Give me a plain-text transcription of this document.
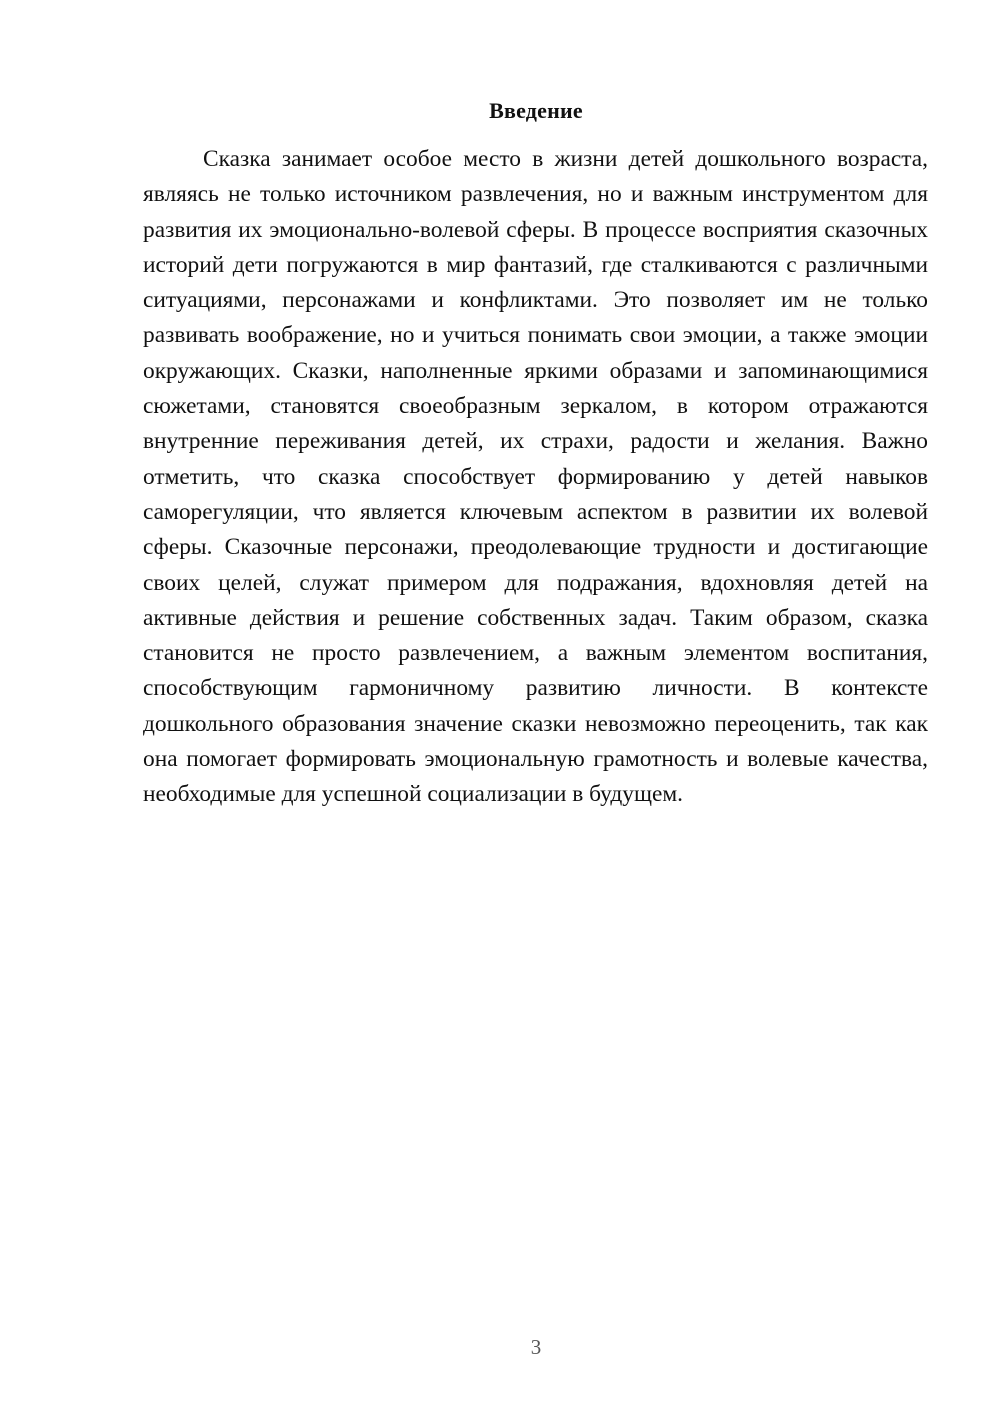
Введение

Сказка занимает особое место в жизни детей дошкольного возраста, являясь не только источником развлечения, но и важным инструментом для развития их эмоционально-волевой сферы. В процессе восприятия сказочных историй дети погружаются в мир фантазий, где сталкиваются с различными ситуациями, персонажами и конфликтами. Это позволяет им не только развивать воображение, но и учиться понимать свои эмоции, а также эмоции окружающих. Сказки, наполненные яркими образами и запоминающимися сюжетами, становятся своеобразным зеркалом, в котором отражаются внутренние переживания детей, их страхи, радости и желания. Важно отметить, что сказка способствует формированию у детей навыков саморегуляции, что является ключевым аспектом в развитии их волевой сферы. Сказочные персонажи, преодолевающие трудности и достигающие своих целей, служат примером для подражания, вдохновляя детей на активные действия и решение собственных задач. Таким образом, сказка становится не просто развлечением, а важным элементом воспитания, способствующим гармоничному развитию личности. В контексте дошкольного образования значение сказки невозможно переоценить, так как она помогает формировать эмоциональную грамотность и волевые качества, необходимые для успешной социализации в будущем.

3
